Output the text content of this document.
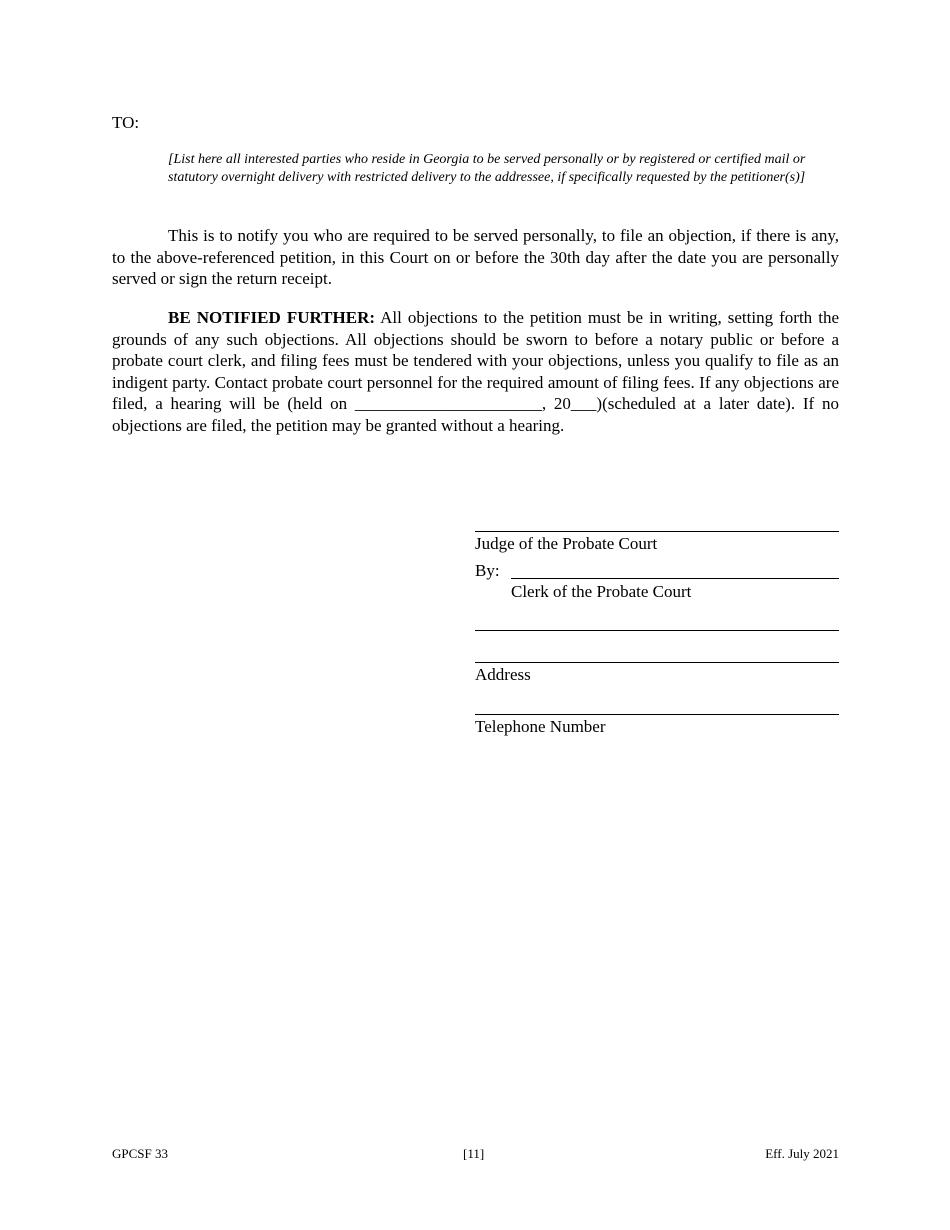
TO:
[List here all interested parties who reside in Georgia to be served personally or by registered or certified mail or statutory overnight delivery with restricted delivery to the addressee, if specifically requested by the petitioner(s)]
This is to notify you who are required to be served personally, to file an objection, if there is any, to the above-referenced petition, in this Court on or before the 30th day after the date you are personally served or sign the return receipt.
BE NOTIFIED FURTHER: All objections to the petition must be in writing, setting forth the grounds of any such objections. All objections should be sworn to before a notary public or before a probate court clerk, and filing fees must be tendered with your objections, unless you qualify to file as an indigent party. Contact probate court personnel for the required amount of filing fees. If any objections are filed, a hearing will be (held on ______________________, 20___)(scheduled at a later date). If no objections are filed, the petition may be granted without a hearing.
Judge of the Probate Court
By:
Clerk of the Probate Court
Address
Telephone Number
GPCSF 33	[11]	Eff. July 2021
